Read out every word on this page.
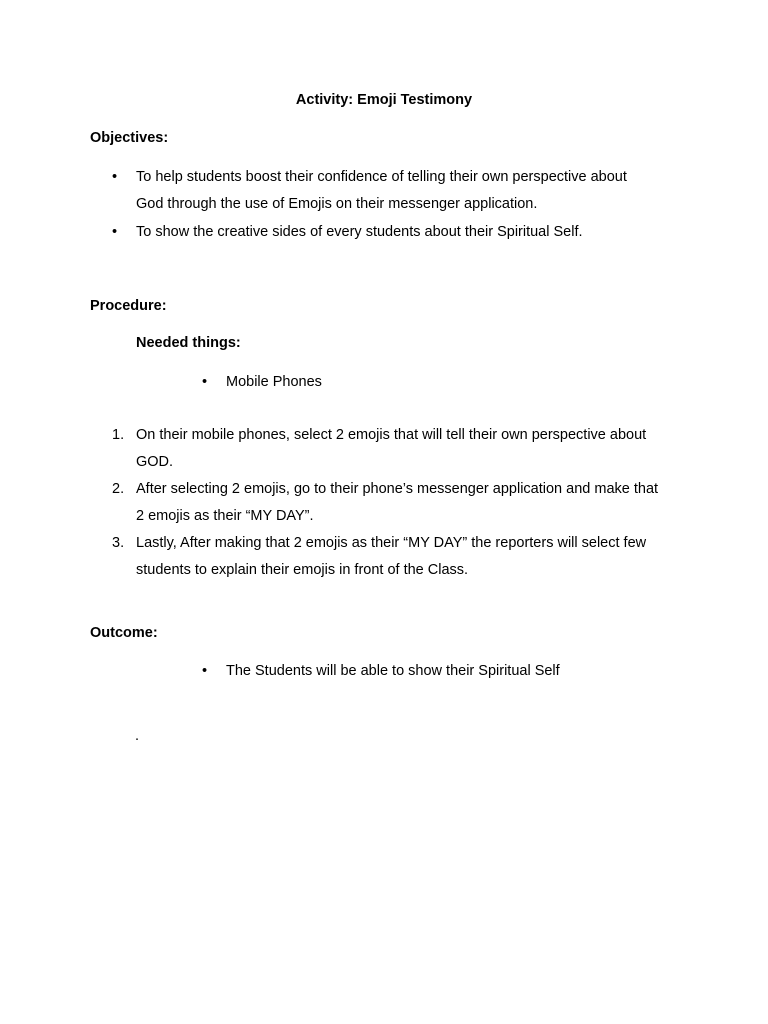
Activity: Emoji Testimony
Objectives:
• To help students boost their confidence of telling their own perspective about
God through the use of Emojis on their messenger application.
• To show the creative sides of every students about their Spiritual Self.
Procedure:
Needed things:
• Mobile Phones
1. On their mobile phones, select 2 emojis that will tell their own perspective about
GOD.
2. After selecting 2 emojis, go to their phone’s messenger application and make that
2 emojis as their “MY DAY”.
3. Lastly, After making that 2 emojis as their “MY DAY” the reporters will select few
students to explain their emojis in front of the Class.
Outcome:
• The Students will be able to show their Spiritual Self
.
